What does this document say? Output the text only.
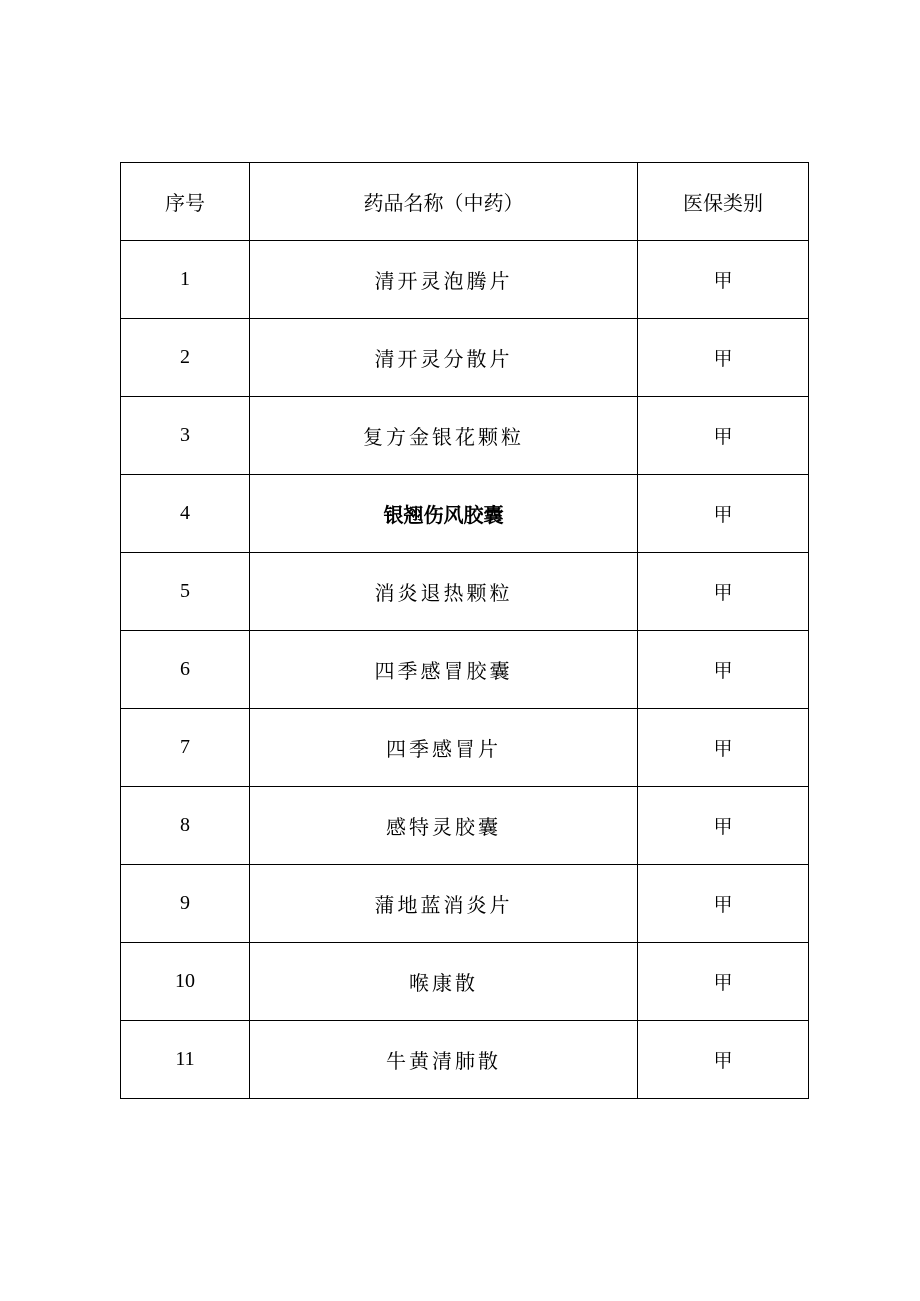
序号	药品名称（中药）	医保类别
1	清开灵泡腾片	甲
2	清开灵分散片	甲
3	复方金银花颗粒	甲
4	银翘伤风胶囊	甲
5	消炎退热颗粒	甲
6	四季感冒胶囊	甲
7	四季感冒片	甲
8	感特灵胶囊	甲
9	蒲地蓝消炎片	甲
10	喉康散	甲
11	牛黄清肺散	甲
